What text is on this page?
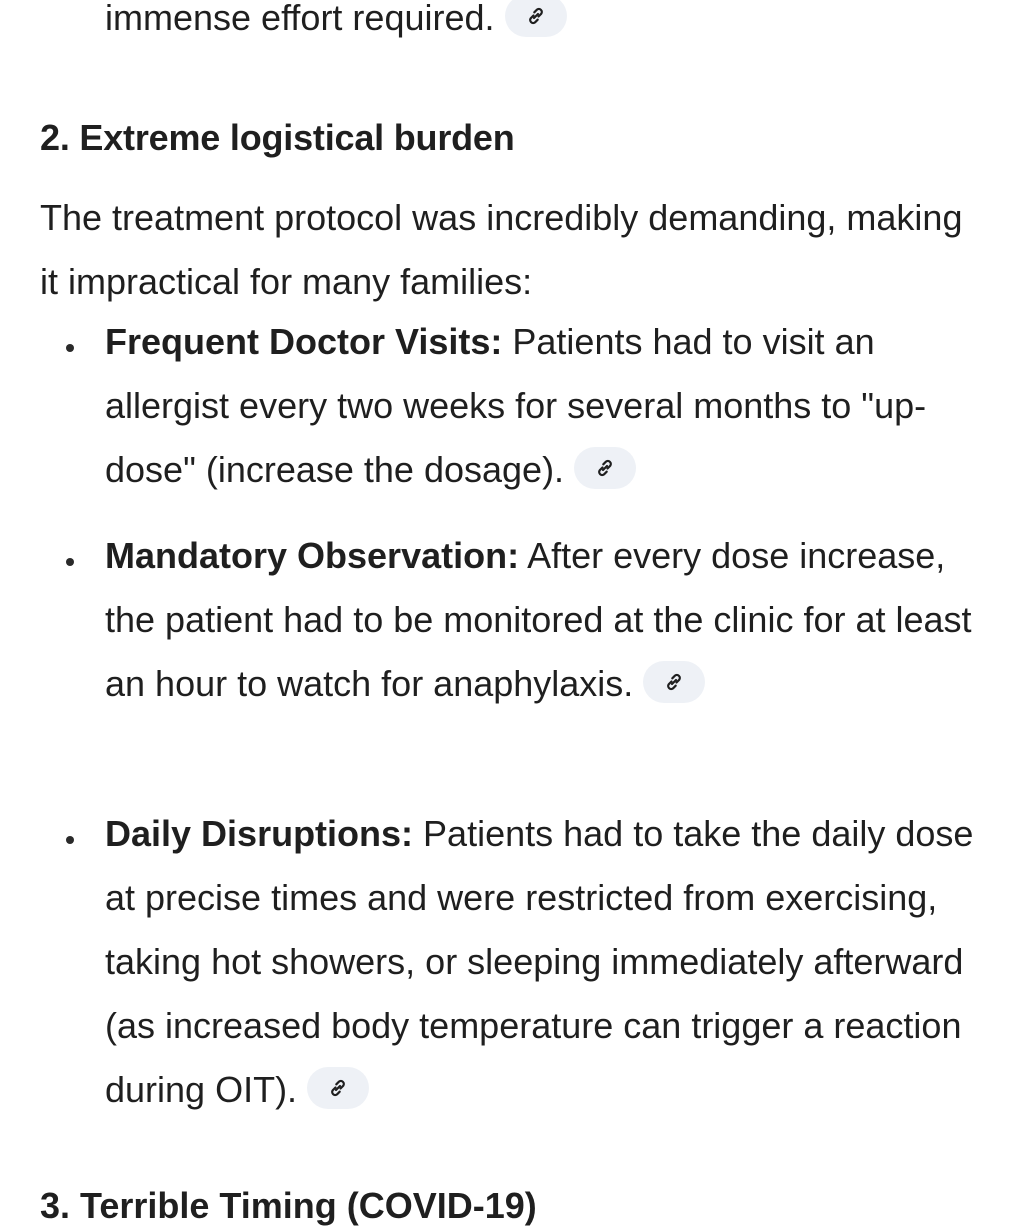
immense effort required.
2. Extreme logistical burden

The treatment protocol was incredibly demanding, making it impractical for many families:

Frequent Doctor Visits: Patients had to visit an allergist every two weeks for several months to "up-dose" (increase the dosage).

Mandatory Observation: After every dose increase, the patient had to be monitored at the clinic for at least an hour to watch for anaphylaxis.

Daily Disruptions: Patients had to take the daily dose at precise times and were restricted from exercising, taking hot showers, or sleeping immediately afterward (as increased body temperature can trigger a reaction during OIT).

3. Terrible Timing (COVID-19)
